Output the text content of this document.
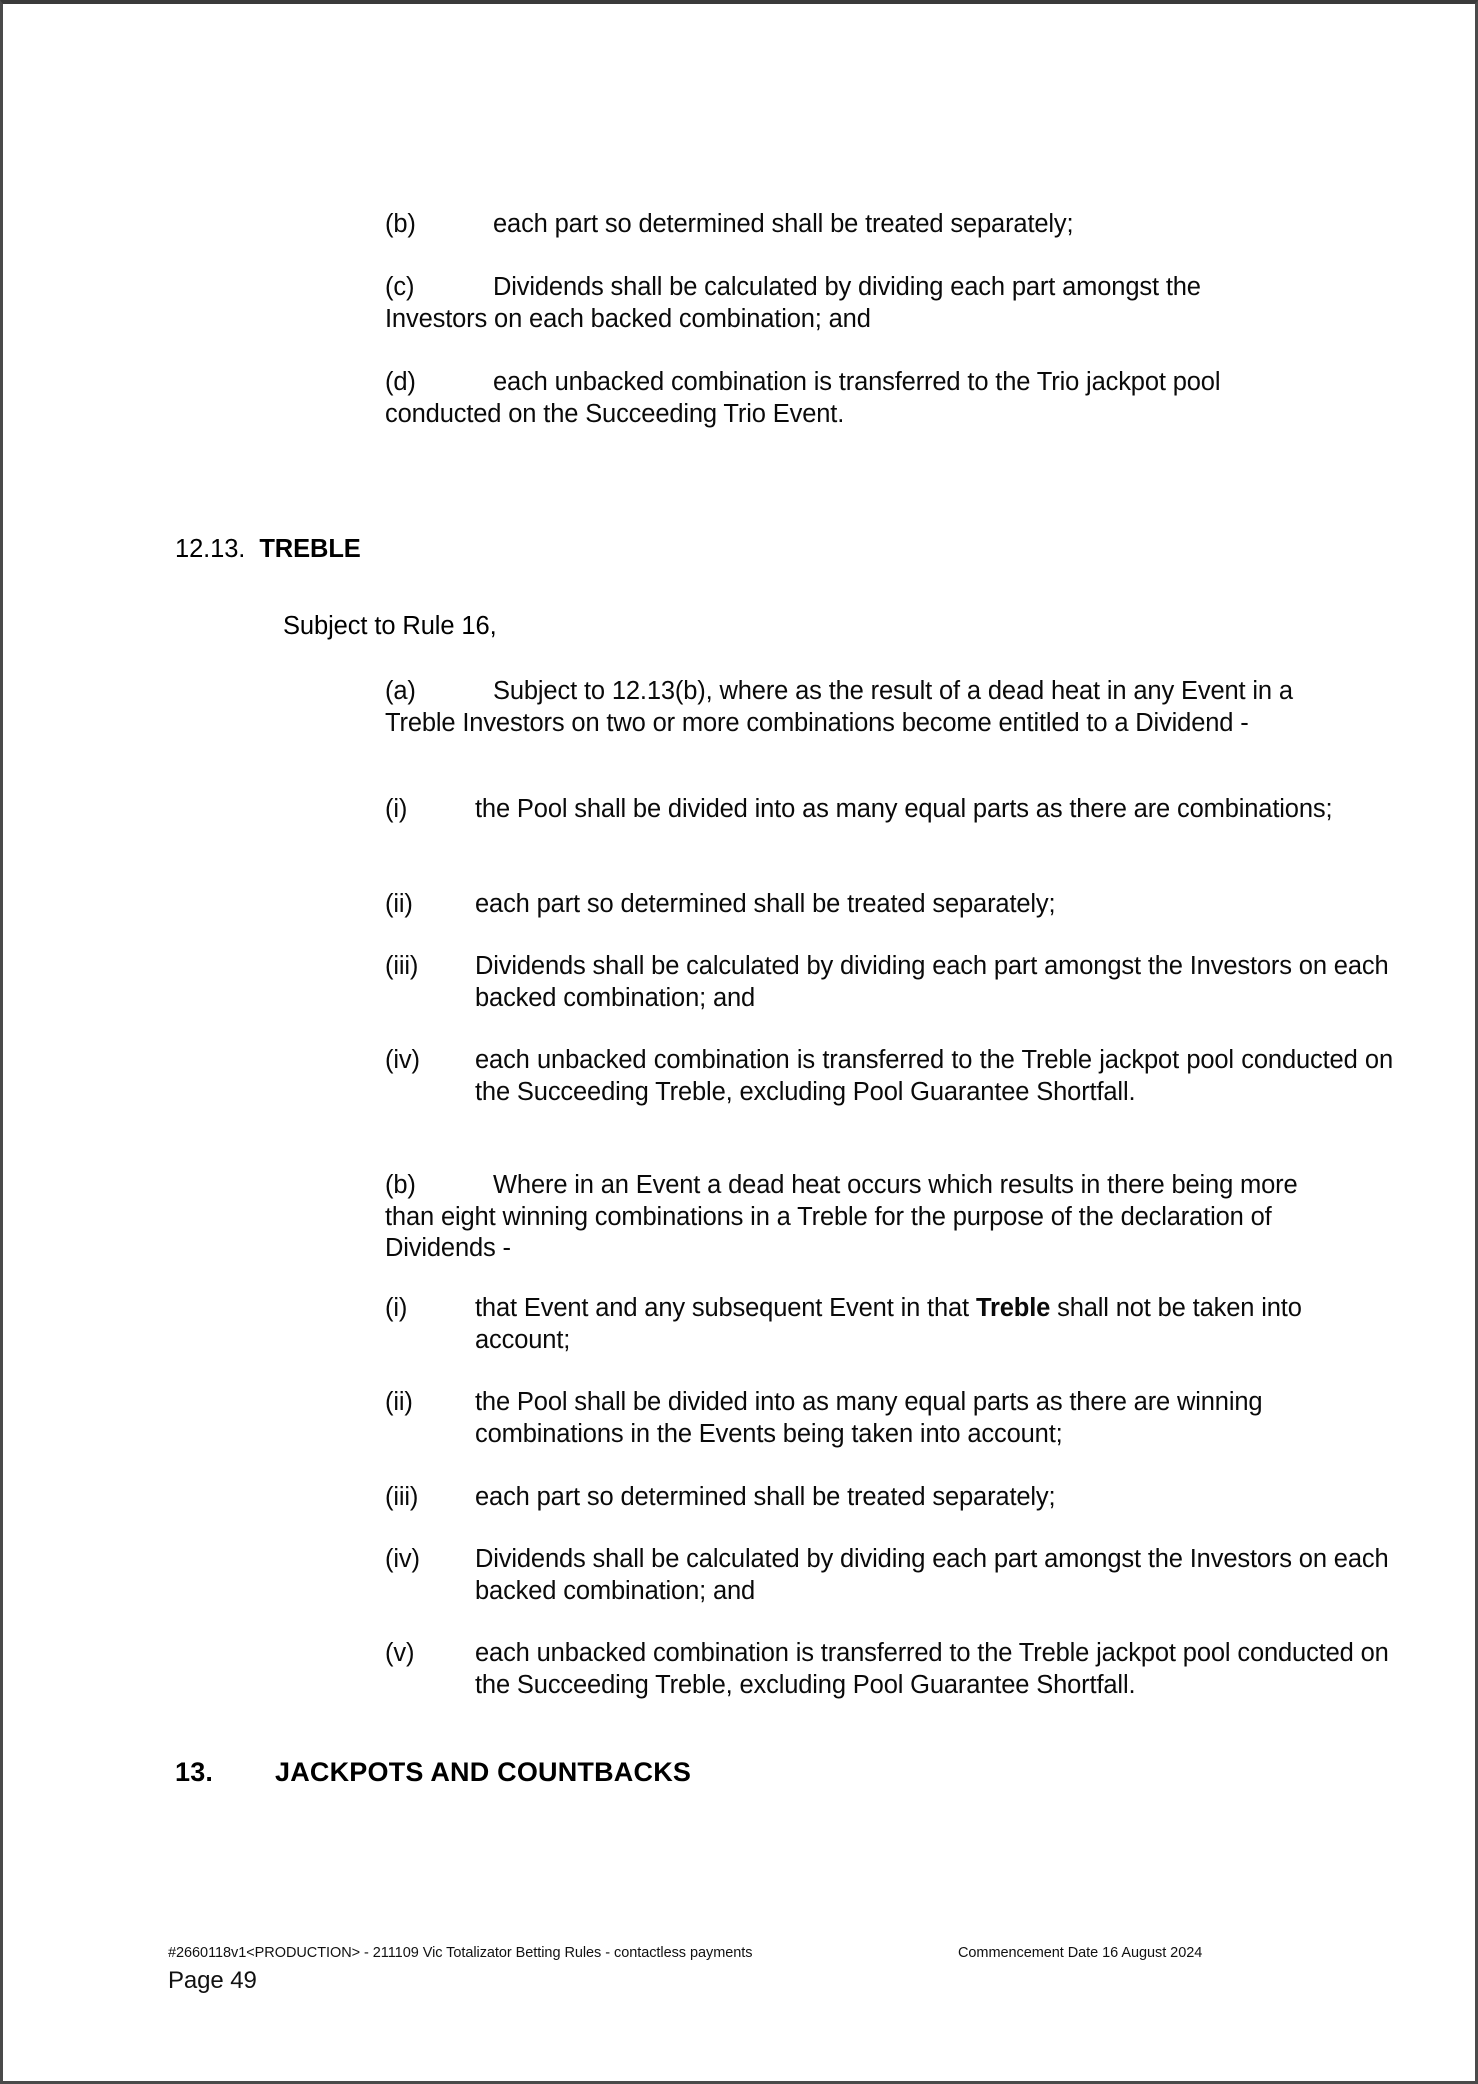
(b)	each part so determined shall be treated separately;
(c)	Dividends shall be calculated by dividing each part amongst the Investors on each backed combination; and
(d)	each unbacked combination is transferred to the Trio jackpot pool conducted on the Succeeding Trio Event.
12.13. TREBLE
Subject to Rule 16,
(a)	Subject to 12.13(b), where as the result of a dead heat in any Event in a Treble Investors on two or more combinations become entitled to a Dividend -
(i)	the Pool shall be divided into as many equal parts as there are combinations;
(ii) each part so determined shall be treated separately;
(iii) Dividends shall be calculated by dividing each part amongst the Investors on each backed combination; and
(iv) each unbacked combination is transferred to the Treble jackpot pool conducted on the Succeeding Treble, excluding Pool Guarantee Shortfall.
(b)	Where in an Event a dead heat occurs which results in there being more than eight winning combinations in a Treble for the purpose of the declaration of Dividends -
(i)	that Event and any subsequent Event in that Treble shall not be taken into account;
(ii) the Pool shall be divided into as many equal parts as there are winning combinations in the Events being taken into account;
(iii) each part so determined shall be treated separately;
(iv) Dividends shall be calculated by dividing each part amongst the Investors on each backed combination; and
(v) each unbacked combination is transferred to the Treble jackpot pool conducted on the Succeeding Treble, excluding Pool Guarantee Shortfall.
13. JACKPOTS AND COUNTBACKS
#2660118v1<PRODUCTION> - 211109 Vic Totalizator Betting Rules - contactless payments	Commencement Date 16 August 2024
Page 49
